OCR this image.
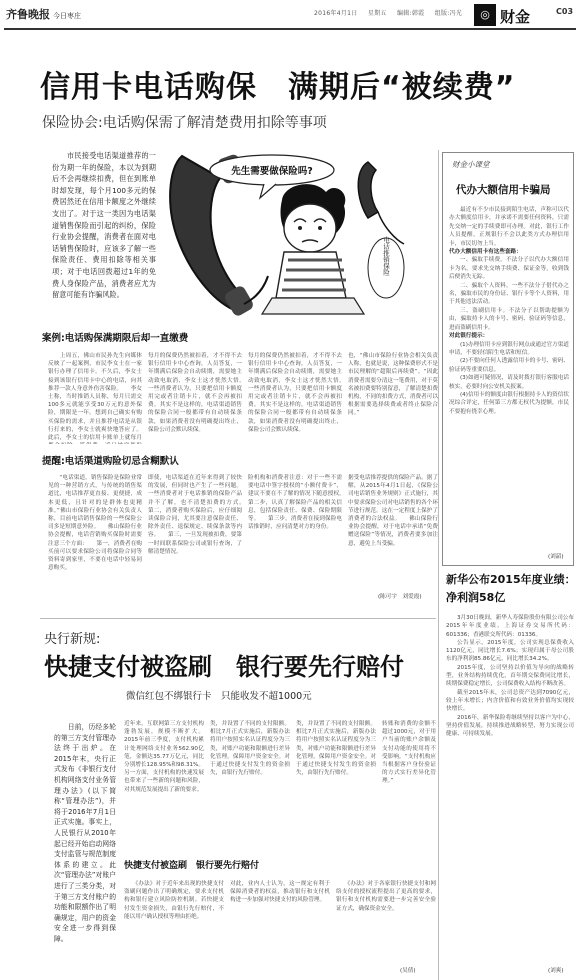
齐鲁晚报 今日枣庄	2016年4月1日 星期五 编辑:韩霞 组版:冯光	◎ 财金	C03
信用卡电话购保　满期后“被续费”
保险协会:电话购保需了解清楚费用扣除等事项
　　市民接受电话渠道推荐的一份为期一年的保险，本以为到期后不会再继续扣费，但在到账单时却发现，每个月100多元的保费居然还在信用卡额度之外继续支出了。对于这一类因为电话渠道销售保险而引起的纠纷，保险行业协会提醒，消费者在面对电话销售保险时，应该多了解一些保险责任、费用扣除等相关事项；对于电话回拨超过1年的免费人身保险产品，消费者应尤为留意可能有诈骗风险。
先生需要做保险吗?
电话推销保险
案例:电话购保满期限后却一直缴费
　　上周五，佛山市民孙先生向媒体反映了一起案例，市民李女士在一家银行办理了信用卡。不久后，李女士接到该银行信用卡中心的电话，向其推荐一款人身意外伤害保险。　　李女士称，当时推销人员称，每月只需交100多元就能享受30万元的意外保险，期限是一年。想到自己确实有购买保险的需求，并且推荐电话是从银行打来的，李女士就爽快地答应了。此后，李女士的信用卡账单上就每月
每月的保费仍然被扣着，才不得不去银行信用卡中心查询，人员答复，一年期满后保险会自动续期，需要她主动致电取消，李女士这才恍然大悟。　　一些消费者认为，只要把信用卡额度用完或者注销卡片，就不会再被扣费。其实不是这样的，电话渠道销售的保险合同一般都带有自动续保条款，如果消费者没有明确提出终止，保险公司会默认续保。
每月的保费仍然被扣着，才不得不去银行信用卡中心查询，人员答复，一年期满后保险会自动续期，需要她主动致电取消，李女士这才恍然大悟。　　一些消费者认为，只要把信用卡额度用完或者注销卡片，就不会再被扣费。其实不是这样的，电话渠道销售的保险合同一般都带有自动续保条款，如果消费者没有明确提出终止，保险公司会默认续保。
也，“佛山市保险行业协会相关负责人称，也就是说，这种保费形式不是市民理解的“超限后再续费”。“因此消费者需要分清这一笔费用，对于莫名被扣费要特别留意，了解清楚扣费机构，不同的扣费方式，消费者可以根据需要选择续费或者终止保险合同。”
提醒:电话渠道购险切忌含糊默认
　　“电话渠道，销售保险是保险业常见的一种营销方式，与传统的销售渠道比，电话推荐更直接、更便捷，成本更低，且针对的是群体也更精准。”佛山市保险行业协会有关负责人称，目前电话销售保险的一些保险公司多是短期意外险。　　佛山保险行业协会提醒，电话营销购买保险时需要注意三个方面：　　第一，消费者在购买前可以要求保险公司将保险合同等资料寄到家里，不要在电话中轻易同意购买。
即使，电话渠道在近年来得到了较快的发展，但同时也产生了一些问题。一些消费者对于电话推销的保险产品并不了解，也不清楚扣费的方式。　　第二，消费者购买保险后，应仔细阅读保险合同，尤其要注意保险责任、除外责任、退保规定、续保条款等内容。　　第三，一旦发现被扣费，要第一时间联系保险公司或银行查询，了解清楚情况。
险机构和消费者注意：对于一些不需要电话中签字授权的“小额付费卡”，建议不要在不了解的情况下随意授权。　　第二步，认真了解保险产品的相关信息，包括保险责任、保费、保险期限等。　　第三步，消费者在接到保险电话推销时，应问清楚对方的身份。
据受电话推荐提供的保险产品。据了解，从2015年4月1日起，《保险公司电话销售业务规则》正式施行，其中要求保险公司对电话销售的各个环节进行规范。这在一定程度上保护了消费者的合法权益。　　佛山保险行业协会提醒，对于电话中承诺“免费赠送保险”等情况，消费者要多加注意，避免上当受骗。
(陈可宇　刘爱霞)
财金小课堂
代办大额信用卡骗局

最近有不少市民接到陌生电话，声称可以代办大额度信用卡，并承诺不需要任何资料，只需先交纳一定的手续费即可办理。对此，银行工作人员提醒，正规银行不会以此类方式办理信用卡，市民切勿上当。

代办大额信用卡有这些套路：

一、骗取手续费。不法分子以代办大额信用卡为名，要求先交纳手续费、保证金等，收到钱后便消失无踪。

二、骗取个人资料。一些不法分子借代办之名，骗取市民的身份证、银行卡等个人资料，用于其他违法活动。

三、盗刷信用卡。不法分子以帮助提额为由，骗取持卡人的卡号、密码、验证码等信息，进而盗刷信用卡。

对此银行提示：

(1)办理信用卡应到银行网点或通过官方渠道申请，不要轻信陌生电话和短信。

(2)不要向任何人透露信用卡的卡号、密码、验证码等重要信息。

(3)如遇可疑情况，请及时拨打银行客服电话核实，必要时向公安机关报案。

(4)信用卡的额度由银行根据持卡人的资信状况综合评定，任何第三方都无权代为提额，市民不要抱有侥幸心理。

(刘韶)
新华公布2015年度业绩：
净利润58亿

3月30日晚间，新华人寿保险股份有限公司公布2015年年度业绩。上海证券交易所代码：601336；香港联交所代码：01336。

公告显示，2015年度，公司实现总保费收入1120亿元，同比增长7.6%；实现归属于母公司股东的净利润85.86亿元，同比增长34.2%。

2015年度，公司坚持以价值为导向的战略转型，业务结构持续优化，首年期交保费同比增长，续期保费稳定增长，公司保费收入结构不断改善。

截至2015年末，公司总资产达到7090亿元，较上年末增长；内含价值和有效业务价值均实现较快增长。

2016年，新华保险将继续坚持以客户为中心，坚持价值发展，持续推进战略转型，努力实现公司健康、可持续发展。

(刘爽)
央行新规:
快捷支付被盗刷　银行要先行赔付
微信红包不绑银行卡　只能收发不超1000元
　　日前，历经多轮的第三方支付管理办法终于出炉。在2015年末，央行正式发布《非银行支付机构网络支付业务管理办法》(以下简称“管理办法”)，并将于2016年7月1日正式实施。事实上，人民银行从2010年起已经开始启动网络支付监管与规范制度体系的建立。此次“管理办法”对账户进行了三类分类，对于第三方支付账户的功能和限额作出了明确规定，用户的资金安全进一步得到保障。
近年来，互联网第三方支付机构蓬勃发展，规模不断扩大。2015年前三季度，支付机构累计处理网络支付业务562.90亿笔，金额达35.77万亿元，同比分别增长128.95%和98.31%。另一方面，支付机构的快速发展也带来了一些新的问题和风险，对其规范发展提出了新的要求。
类，并设置了不同的支付限额。相比7月正式实施后，新版办法将用户按照实名认证程度分为三类，对账户功能和限额进行差异化管理，保障用户资金安全。对于通过快捷支付发生的资金损失，由银行先行赔付。
类，并设置了不同的支付限额。相比7月正式实施后，新版办法将用户按照实名认证程度分为三类，对账户功能和限额进行差异化管理，保障用户资金安全。对于通过快捷支付发生的资金损失，由银行先行赔付。
转账和消费的金额不超过1000元，对于用户当前的账户余额及支付功能的使用将不受影响。“支付机构应当根据客户身份验证的方式实行差异化管理。”
快捷支付被盗刷　银行要先行赔付
　　《办法》对于近年来出现的快捷支付盗刷问题作出了明确规定，要求支付机构和银行建立风险防控机制。若快捷支付发生资金损失，由银行先行赔付，不能以用户确认授权等理由拒绝。
对此，业内人士认为，这一规定有利于保障消费者的权益，推动银行和支付机构进一步加强对快捷支付的风险管理。
　　《办法》对于各家银行快捷支付和网络支付的授权流程提出了更高的要求，银行和支付机构需要进一步完善安全验证方式，确保资金安全。
(吴倩)
